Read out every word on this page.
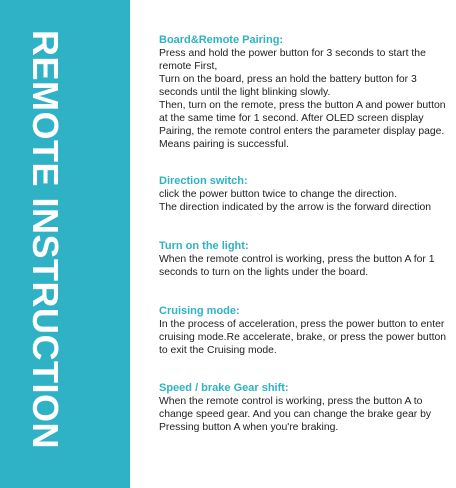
REMOTE INSTRUCTION	Board&Remote Pairing:

Press and hold the power button for 3 seconds to start the remote First,
Turn on the board, press an hold the battery button for 3 seconds until the light blinking slowly.
Then, turn on the remote, press the button A and power button at the same time for 1 second. After OLED screen display Pairing, the remote control enters the parameter display page. Means pairing is successful.

Direction switch:

click the power button twice to change the direction.
The direction indicated by the arrow is the forward direction

Turn on the light:

When the remote control is working, press the button A for 1 seconds to turn on the lights under the board.

Cruising mode:

In the process of acceleration, press the power button to enter cruising mode.Re accelerate, brake, or press the power button to exit the Cruising mode.

Speed / brake Gear shift:

When the remote control is working, press the button A to change speed gear. And you can change the brake gear by Pressing button A when you're braking.
